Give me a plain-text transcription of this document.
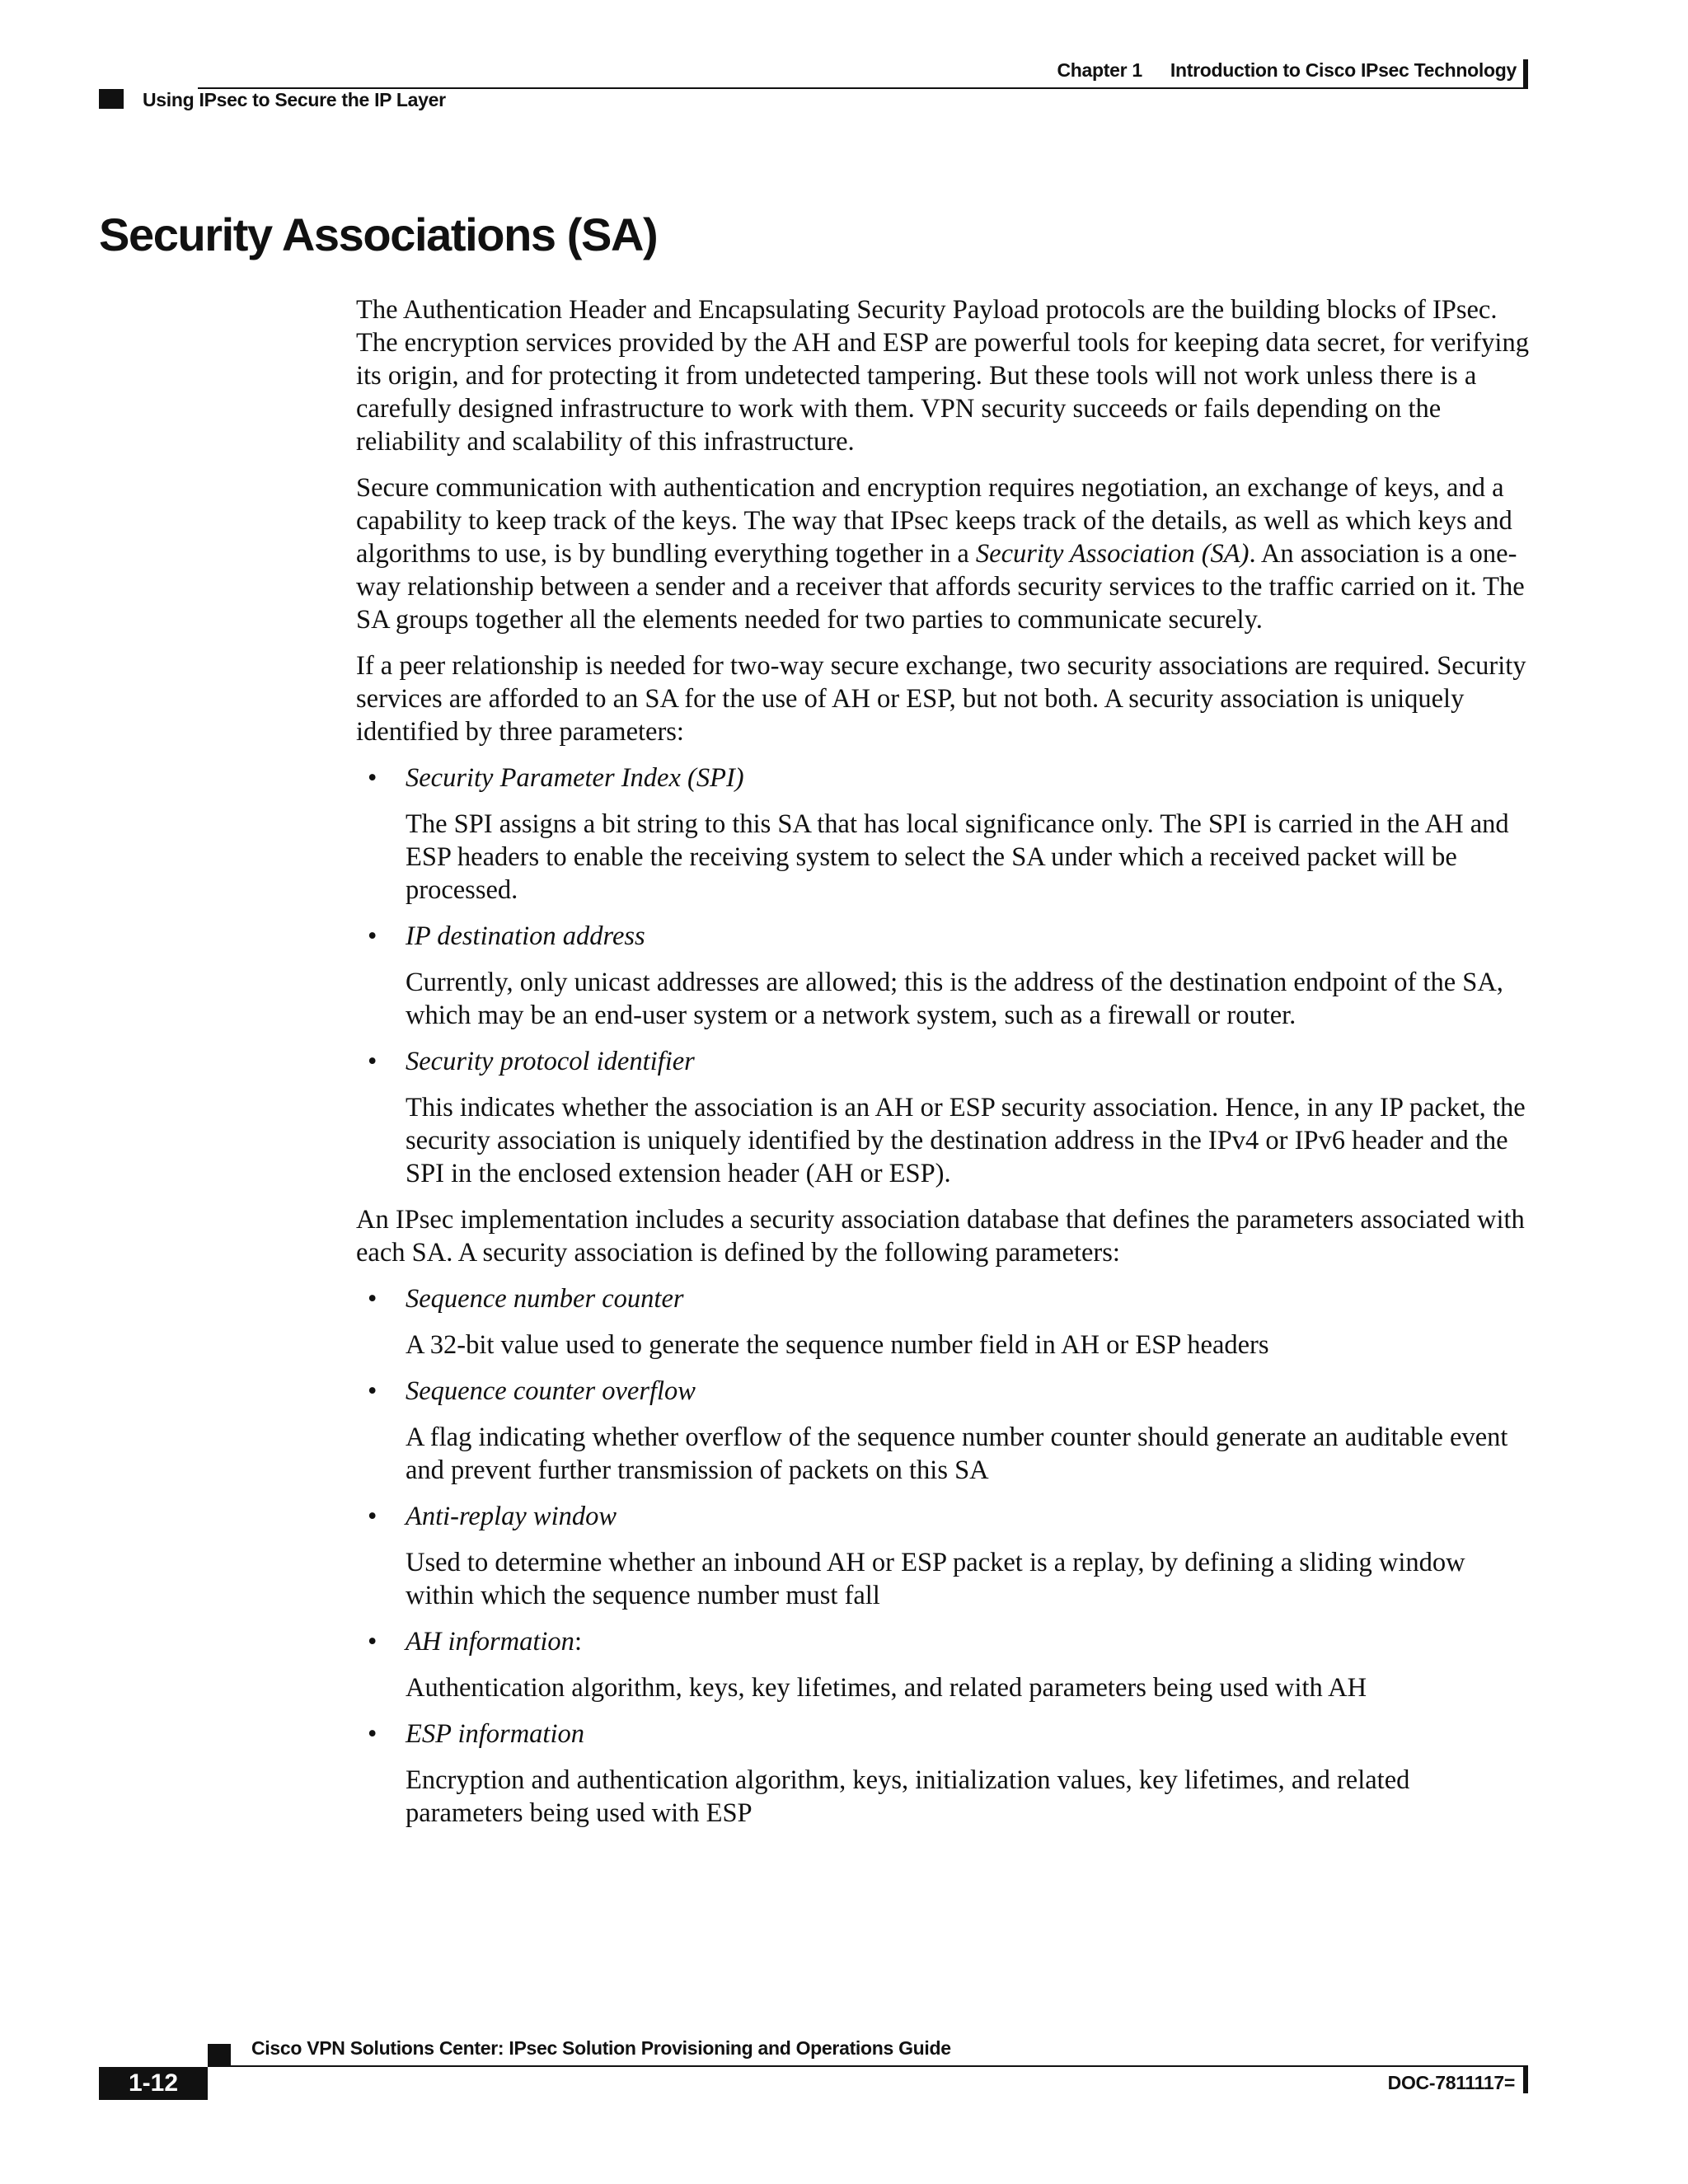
Chapter 1 Introduction to Cisco IPsec Technology
Using IPsec to Secure the IP Layer
Security Associations (SA)

The Authentication Header and Encapsulating Security Payload protocols are the building blocks of IPsec. The encryption services provided by the AH and ESP are powerful tools for keeping data secret, for verifying its origin, and for protecting it from undetected tampering. But these tools will not work unless there is a carefully designed infrastructure to work with them. VPN security succeeds or fails depending on the reliability and scalability of this infrastructure.

Secure communication with authentication and encryption requires negotiation, an exchange of keys, and a capability to keep track of the keys. The way that IPsec keeps track of the details, as well as which keys and algorithms to use, is by bundling everything together in a Security Association (SA). An association is a one-way relationship between a sender and a receiver that affords security services to the traffic carried on it. The SA groups together all the elements needed for two parties to communicate securely.

If a peer relationship is needed for two-way secure exchange, two security associations are required. Security services are afforded to an SA for the use of AH or ESP, but not both. A security association is uniquely identified by three parameters:

• Security Parameter Index (SPI)
The SPI assigns a bit string to this SA that has local significance only. The SPI is carried in the AH and ESP headers to enable the receiving system to select the SA under which a received packet will be processed.
• IP destination address
Currently, only unicast addresses are allowed; this is the address of the destination endpoint of the SA, which may be an end-user system or a network system, such as a firewall or router.
• Security protocol identifier
This indicates whether the association is an AH or ESP security association. Hence, in any IP packet, the security association is uniquely identified by the destination address in the IPv4 or IPv6 header and the SPI in the enclosed extension header (AH or ESP).

An IPsec implementation includes a security association database that defines the parameters associated with each SA. A security association is defined by the following parameters:

• Sequence number counter
A 32-bit value used to generate the sequence number field in AH or ESP headers
• Sequence counter overflow
A flag indicating whether overflow of the sequence number counter should generate an auditable event and prevent further transmission of packets on this SA
• Anti-replay window
Used to determine whether an inbound AH or ESP packet is a replay, by defining a sliding window within which the sequence number must fall
• AH information:
Authentication algorithm, keys, key lifetimes, and related parameters being used with AH
• ESP information
Encryption and authentication algorithm, keys, initialization values, key lifetimes, and related parameters being used with ESP
Cisco VPN Solutions Center: IPsec Solution Provisioning and Operations Guide
1-12	DOC-7811117=
